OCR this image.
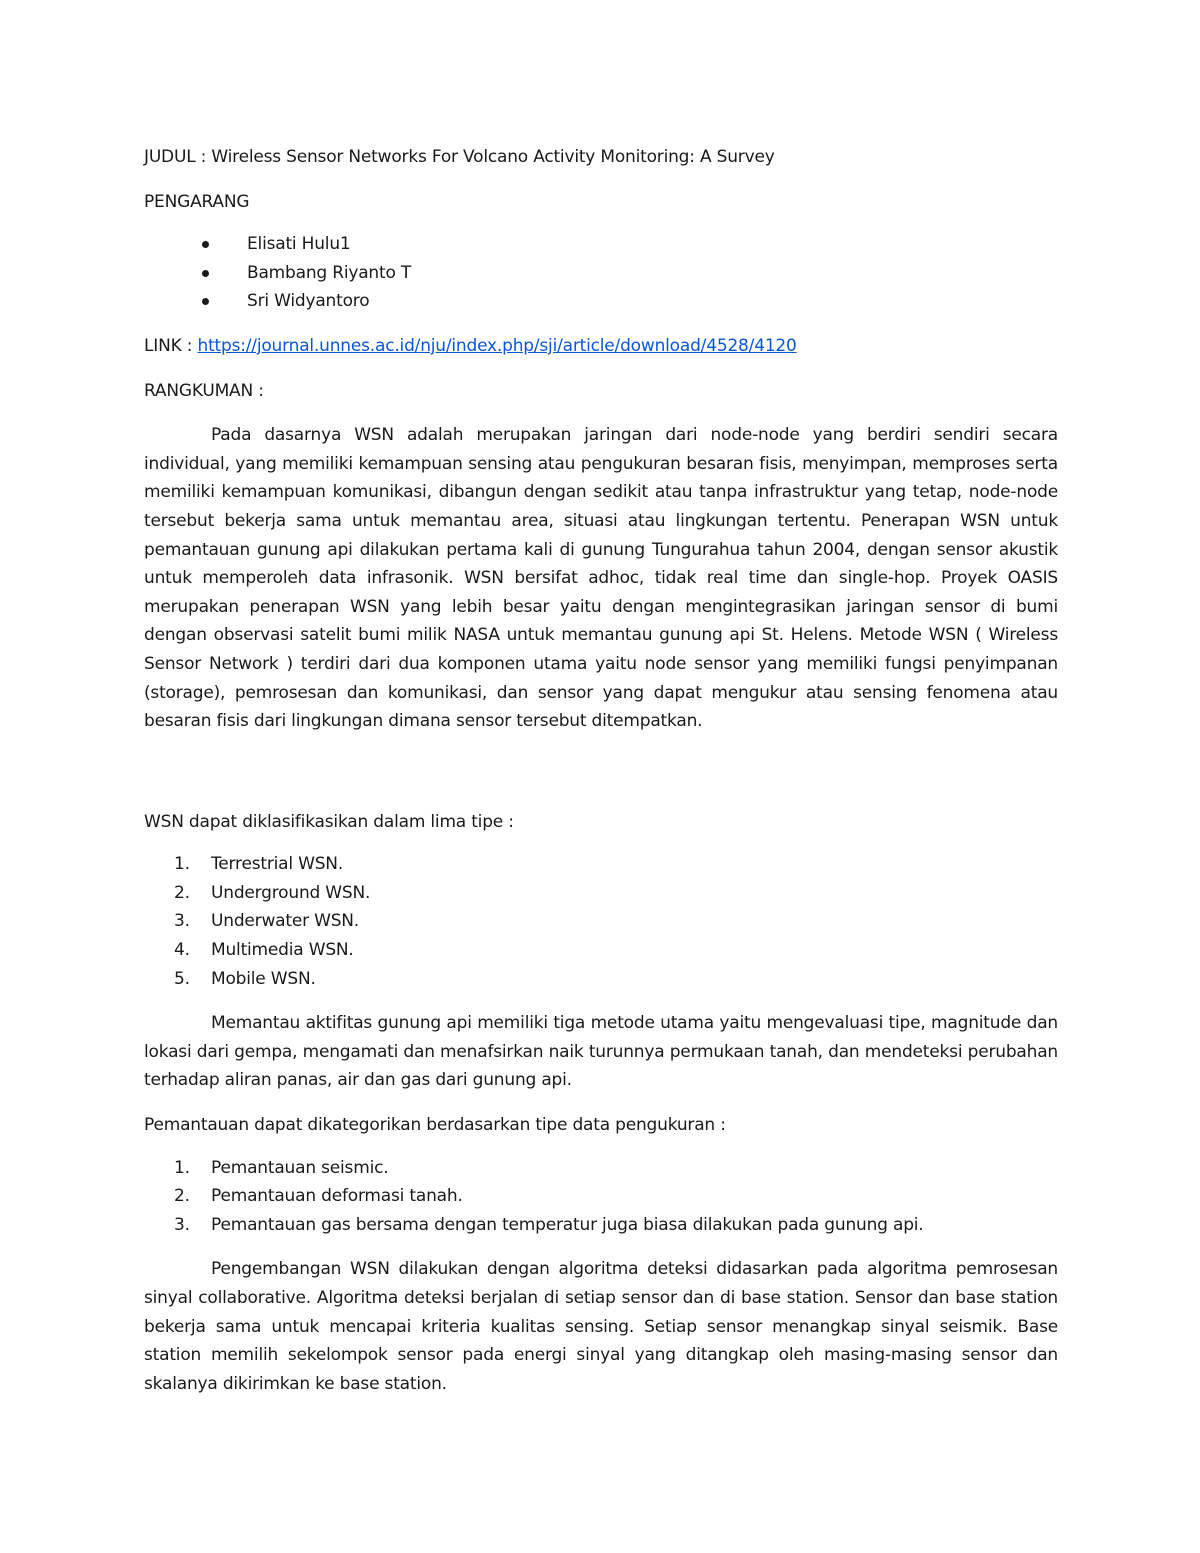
JUDUL : Wireless Sensor Networks For Volcano Activity Monitoring: A Survey

PENGARANG

Elisati Hulu1
Bambang Riyanto T
Sri Widyantoro

LINK : https://journal.unnes.ac.id/nju/index.php/sji/article/download/4528/4120

RANGKUMAN :

Pada dasarnya WSN adalah merupakan jaringan dari node-node yang berdiri sendiri secara individual, yang memiliki kemampuan sensing atau pengukuran besaran fisis, menyimpan, memproses serta memiliki kemampuan komunikasi, dibangun dengan sedikit atau tanpa infrastruktur yang tetap, node-node tersebut bekerja sama untuk memantau area, situasi atau lingkungan tertentu. Penerapan WSN untuk pemantauan gunung api dilakukan pertama kali di gunung Tungurahua tahun 2004, dengan sensor akustik untuk memperoleh data infrasonik. WSN bersifat adhoc, tidak real time dan single-hop. Proyek OASIS merupakan penerapan WSN yang lebih besar yaitu dengan mengintegrasikan jaringan sensor di bumi dengan observasi satelit bumi milik NASA untuk memantau gunung api St. Helens. Metode WSN ( Wireless Sensor Network ) terdiri dari dua komponen utama yaitu node sensor yang memiliki fungsi penyimpanan (storage), pemrosesan dan komunikasi, dan sensor yang dapat mengukur atau sensing fenomena atau besaran fisis dari lingkungan dimana sensor tersebut ditempatkan.

WSN dapat diklasifikasikan dalam lima tipe :

1. Terrestrial WSN.
2. Underground WSN.
3. Underwater WSN.
4. Multimedia WSN.
5. Mobile WSN.

Memantau aktifitas gunung api memiliki tiga metode utama yaitu mengevaluasi tipe, magnitude dan lokasi dari gempa, mengamati dan menafsirkan naik turunnya permukaan tanah, dan mendeteksi perubahan terhadap aliran panas, air dan gas dari gunung api.

Pemantauan dapat dikategorikan berdasarkan tipe data pengukuran :

1. Pemantauan seismic.
2. Pemantauan deformasi tanah.
3. Pemantauan gas bersama dengan temperatur juga biasa dilakukan pada gunung api.

Pengembangan WSN dilakukan dengan algoritma deteksi didasarkan pada algoritma pemrosesan sinyal collaborative. Algoritma deteksi berjalan di setiap sensor dan di base station. Sensor dan base station bekerja sama untuk mencapai kriteria kualitas sensing. Setiap sensor menangkap sinyal seismik. Base station memilih sekelompok sensor pada energi sinyal yang ditangkap oleh masing-masing sensor dan skalanya dikirimkan ke base station.
